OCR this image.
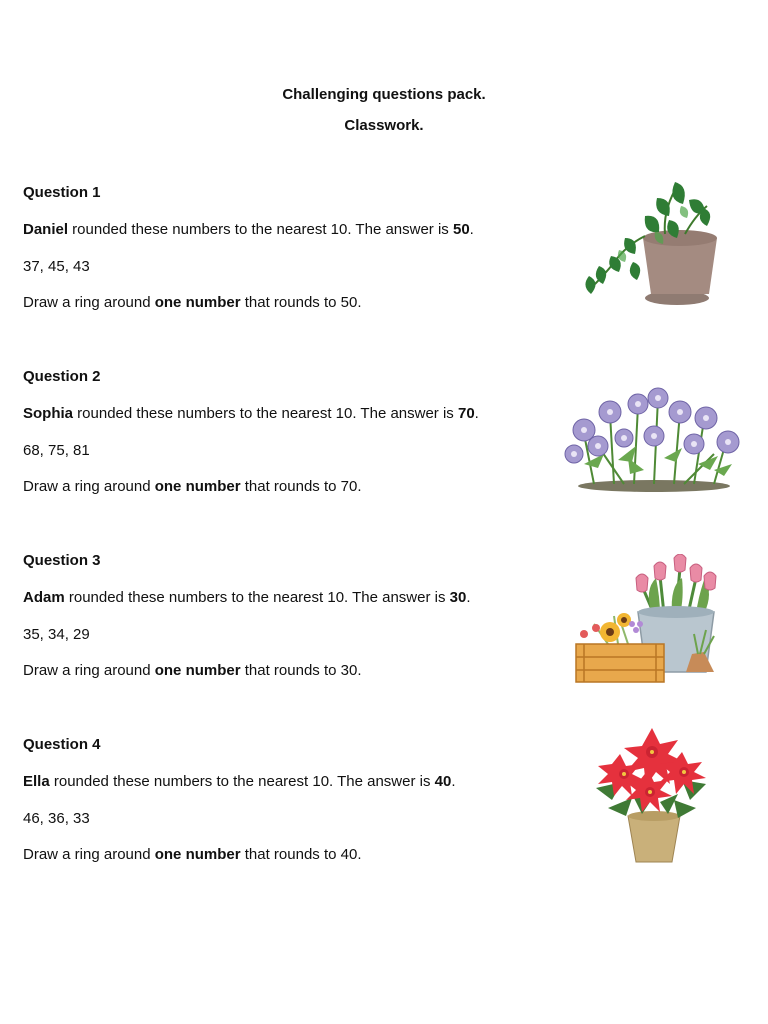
Challenging questions pack.
Classwork.
Question 1
Daniel rounded these numbers to the nearest 10. The answer is 50.
37, 45, 43
Draw a ring around one number that rounds to 50.
Question 2
Sophia rounded these numbers to the nearest 10. The answer is 70.
68, 75, 81
Draw a ring around one number that rounds to 70.
Question 3
Adam rounded these numbers to the nearest 10. The answer is 30.
35, 34, 29
Draw a ring around one number that rounds to 30.
Question 4
Ella rounded these numbers to the nearest 10. The answer is 40.
46, 36, 33
Draw a ring around one number that rounds to 40.
